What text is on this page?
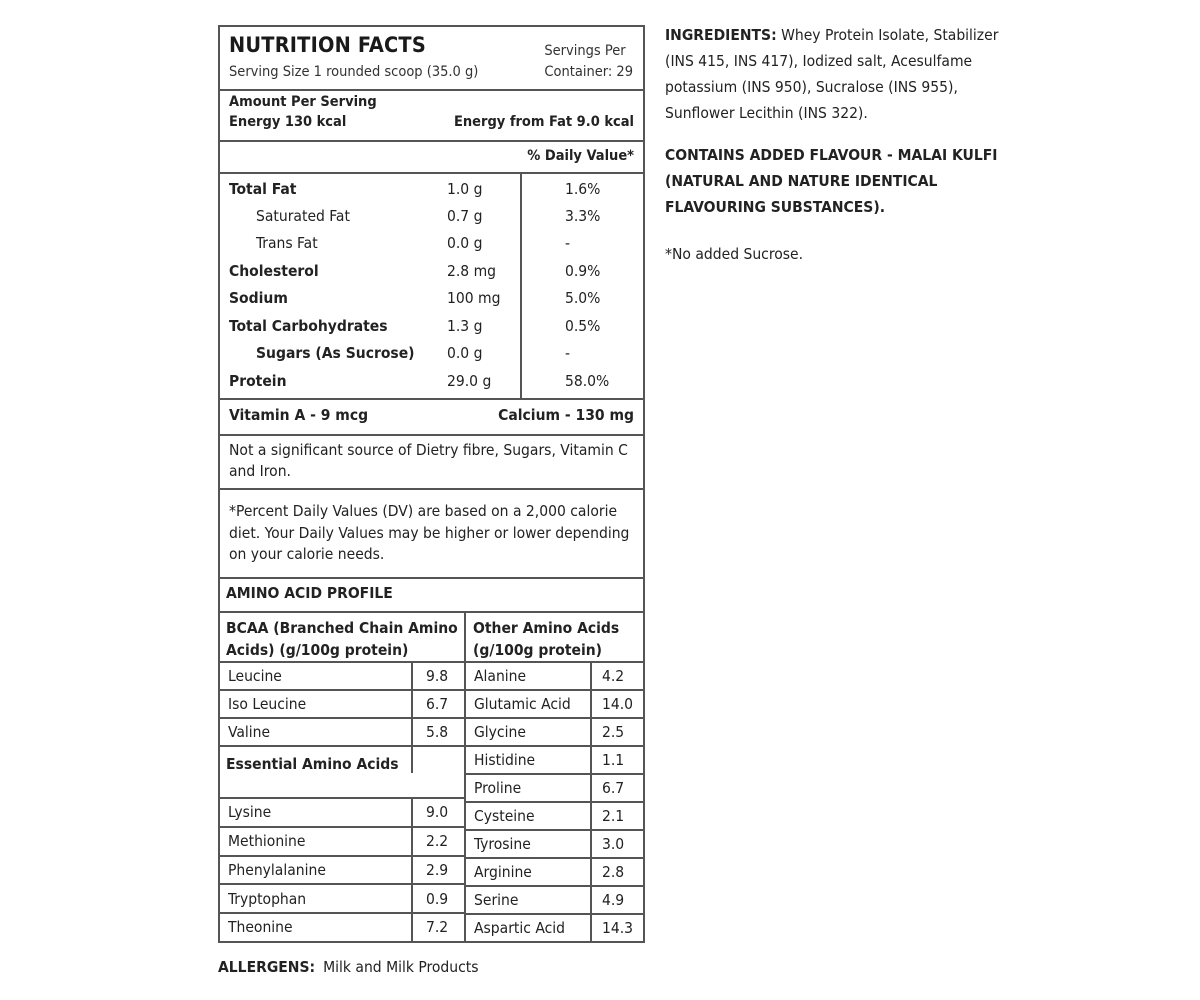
NUTRITION FACTS
Serving Size 1 rounded scoop (35.0 g)
Servings Per
Container: 29
Amount Per Serving
Energy 130 kcal	Energy from Fat 9.0 kcal
% Daily Value*
Total Fat	1.0 g	1.6%
Saturated Fat	0.7 g	3.3%
Trans Fat	0.0 g	-
Cholesterol	2.8 mg	0.9%
Sodium	100 mg	5.0%
Total Carbohydrates	1.3 g	0.5%
Sugars (As Sucrose) 0.0 g	-
Protein	29.0 g	58.0%
Vitamin A - 9 mcg	Calcium - 130 mg
Not a significant source of Dietry fibre, Sugars, Vitamin C and Iron.
*Percent Daily Values (DV) are based on a 2,000 calorie diet. Your Daily Values may be higher or lower depending on your calorie needs.
AMINO ACID PROFILE
BCAA (Branched Chain Amino Acids) (g/100g protein)
Other Amino Acids (g/100g protein)
Essential Amino Acids
Leucine	9.8
Iso Leucine	6.7
Valine	5.8
Lysine	9.0
Methionine	2.2
Phenylalanine	2.9
Tryptophan	0.9
Theonine	7.2
Alanine	4.2
Glutamic Acid 14.0
Glycine	2.5
Histidine	1.1
Proline	6.7
Cysteine	2.1
Tyrosine	3.0
Arginine	2.8
Serine	4.9
Aspartic Acid 14.3

INGREDIENTS: Whey Protein Isolate, Stabilizer (INS 415, INS 417), Iodized salt, Acesulfame potassium (INS 950), Sucralose (INS 955), Sunflower Lecithin (INS 322).

CONTAINS ADDED FLAVOUR - MALAI KULFI (NATURAL AND NATURE IDENTICAL FLAVOURING SUBSTANCES).

*No added Sucrose.

ALLERGENS: Milk and Milk Products
